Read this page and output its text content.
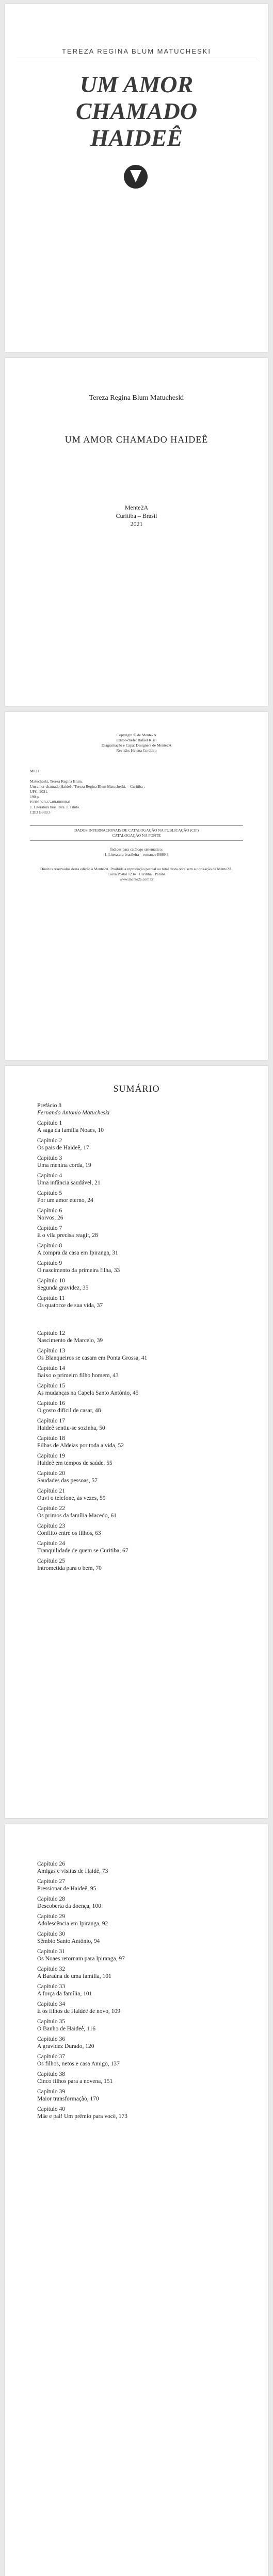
TEREZA REGINA BLUM MATUCHESKI
UM AMOR
CHAMADO
HAIDEÊ
Tereza Regina Blum Matucheski
UM AMOR CHAMADO HAIDEÊ
Mente2A
Curitiba – Brasil
2021
Copyright © de Mente2A
Editor-chefe: Rafael Rissi
Diagramação e Capa: Designers de Mente2A
Revisão: Helena Cordeiro
M821
Matucheski, Tereza Regina Blum.
Um amor chamado Haideê / Tereza Regina Blum Matucheski. – Curitiba :
UFC, 2021.
190 p.
ISBN 978-65-00-00000-0
1. Literatura brasileira. I. Título.
CDD B869.3
DADOS INTERNACIONAIS DE CATALOGAÇÃO NA PUBLICAÇÃO (CIP)
CATALOGAÇÃO NA FONTE
Índices para catálogo sistemático:
1. Literatura brasileira – romance B869.3
Direitos reservados desta edição à Mente2A. Proibida a reprodução parcial ou total desta obra sem autorização da Mente2A.
Caixa Postal 1234 · Curitiba · Paraná
www.mente2a.com.br
SUMÁRIO
Prefácio 8
Fernando Antonio Matucheski
Capítulo 1
A saga da família Noaes, 10
Capítulo 2
Os pais de Haideê, 17
Capítulo 3
Uma menina corda, 19
Capítulo 4
Uma infância saudável, 21
Capítulo 5
Por um amor eterno, 24
Capítulo 6
Noivos, 26
Capítulo 7
E o vila precisa reagir, 28
Capítulo 8
A compra da casa em Ipiranga, 31
Capítulo 9
O nascimento da primeira filha, 33
Capítulo 10
Segunda gravidez, 35
Capítulo 11
Os quatorze de sua vida, 37
Capítulo 12
Nascimento de Marcelo, 39
Capítulo 13
Os Blanqueiros se casam em Ponta Grossa, 41
Capítulo 14
Baixo o primeiro filho homem, 43
Capítulo 15
As mudanças na Capela Santo Antônio, 45
Capítulo 16
O gosto difícil de casar, 48
Capítulo 17
Haideê sentiu-se sozinha, 50
Capítulo 18
Filhas de Aldeias por toda a vida, 52
Capítulo 19
Haideê em tempos de saúde, 55
Capítulo 20
Saudades das pessoas, 57
Capítulo 21
Ouvi o telefone, às vezes, 59
Capítulo 22
Os primos da família Macedo, 61
Capítulo 23
Conflito entre os filhos, 63
Capítulo 24
Tranquilidade de quem se Curitiba, 67
Capítulo 25
Intrometida para o bem, 70
Capítulo 26
Amigas e visitas de Haidê, 73
Capítulo 27
Pressionar de Haideê, 95
Capítulo 28
Descoberta da doença, 100
Capítulo 29
Adolescência em Ipiranga, 92
Capítulo 30
Sêmbio Santo Antônio, 94
Capítulo 31
Os Noaes retornam para Ipiranga, 97
Capítulo 32
A Baraúna de uma família, 101
Capítulo 33
A força da família, 101
Capítulo 34
E os filhos de Haideê de novo, 109
Capítulo 35
O Banho de Haideê, 116
Capítulo 36
A gravidez Durado, 120
Capítulo 37
Os filhos, netos e casa Amigo, 137
Capítulo 38
Cinco filhos para a novena, 151
Capítulo 39
Maior transformação, 170
Capítulo 40
Mãe e pai! Um prêmio para você, 173
